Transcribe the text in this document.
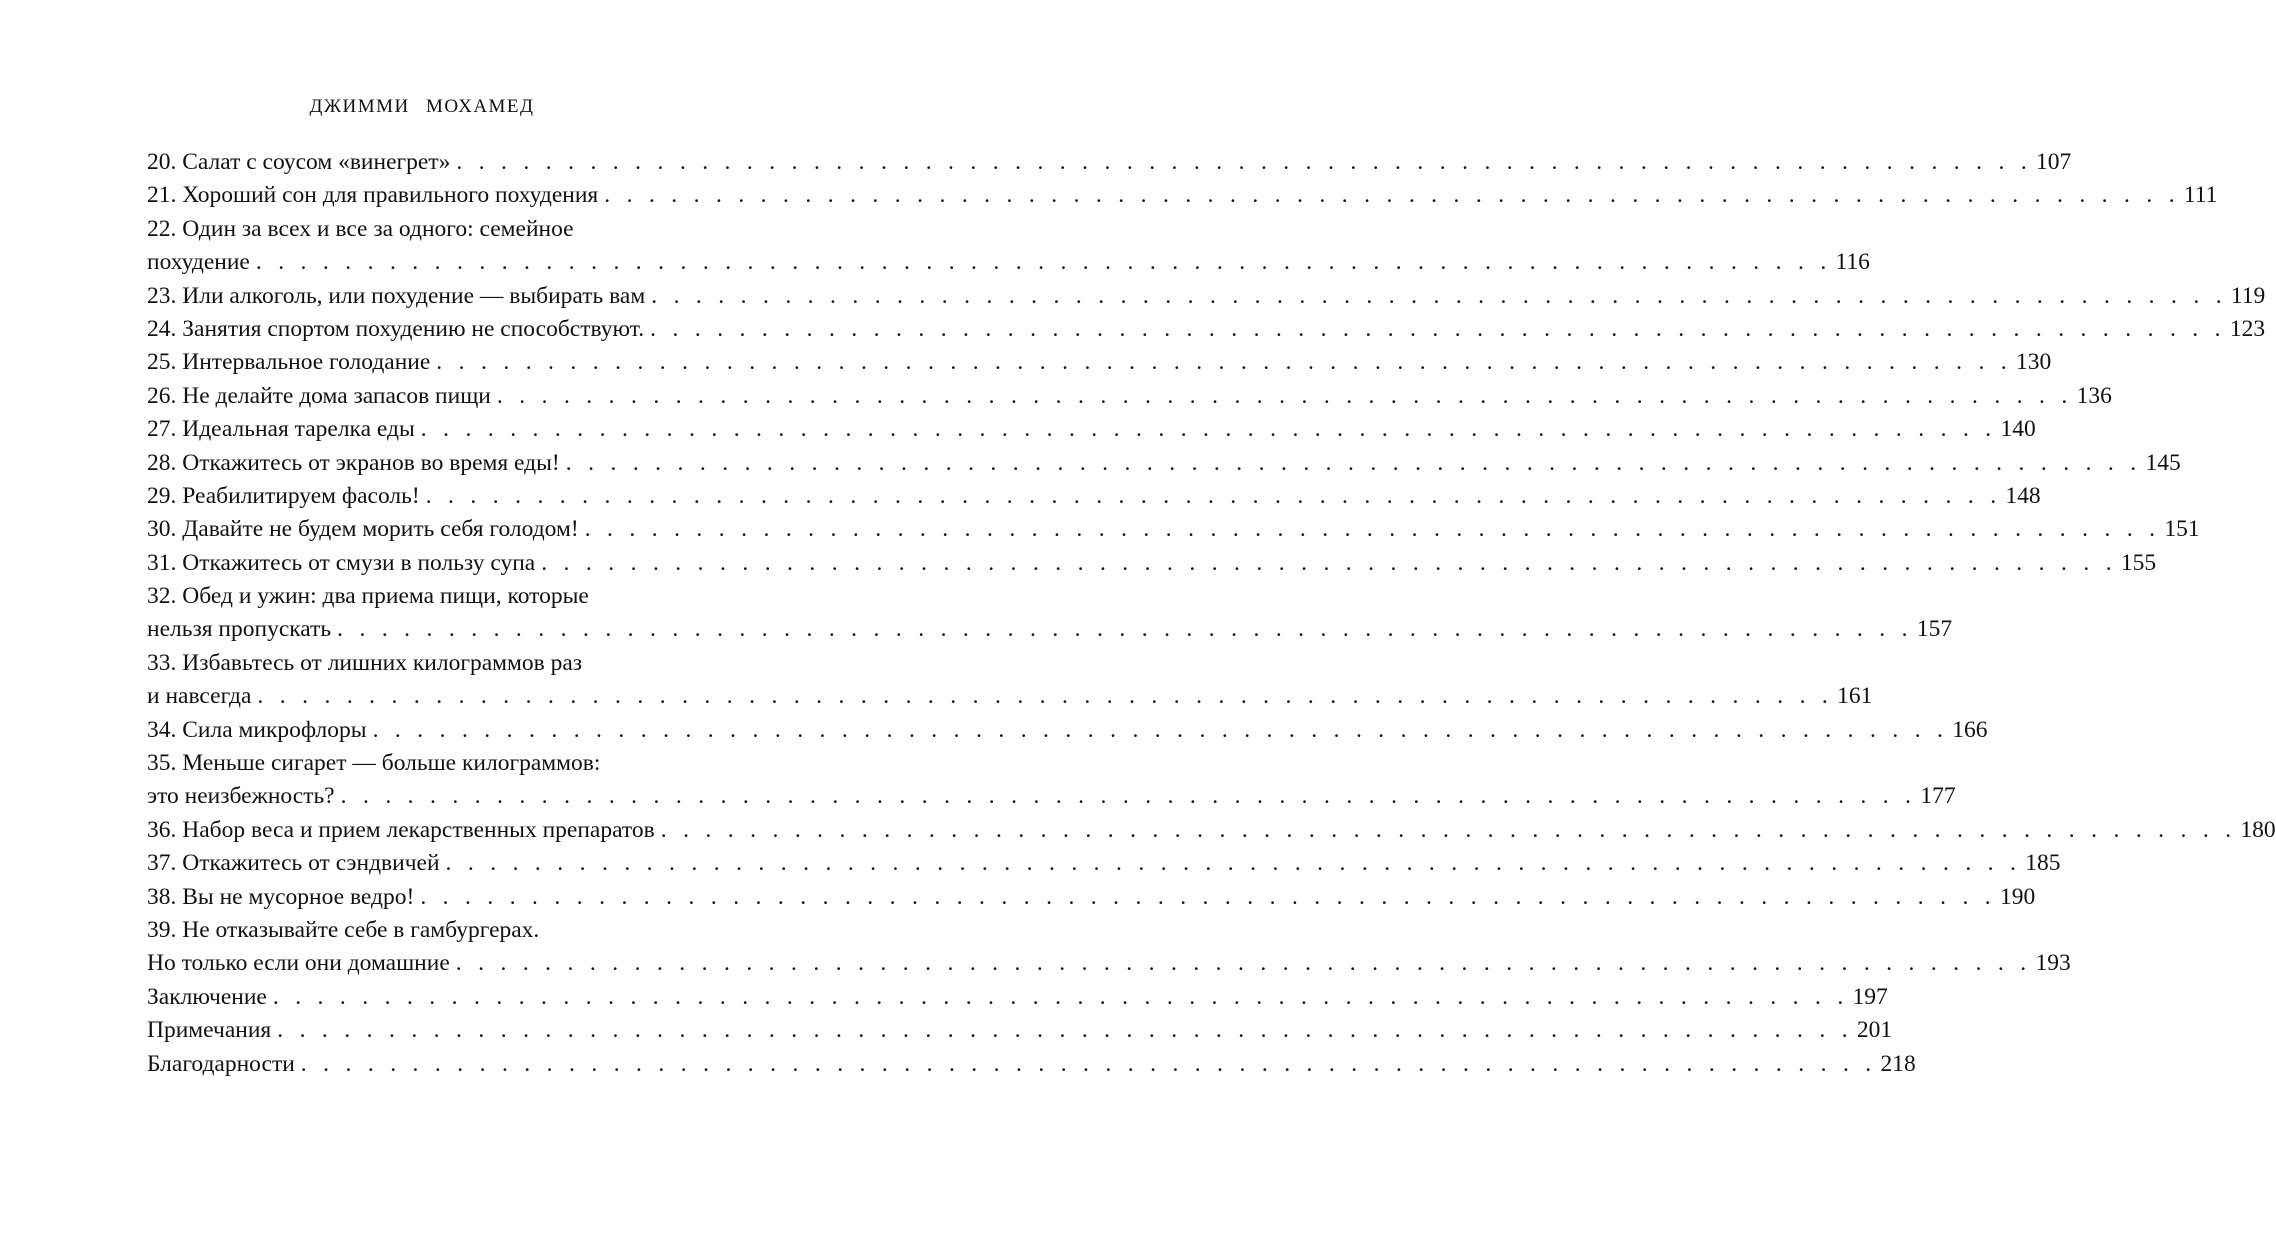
ДЖИММИ МОХАМЕД
20. Салат с соусом «винегрет» . . . . . . . . . . . . . . . . . . . . . . . . . . . . . . . . . . . . . . . . . . . . . . . . . . . . . . . . . . . . . . . . . . . . . . . 107
21. Хороший сон для правильного похудения . . . . . . . . . . . . . . . . . . . . . . . . . . . . . . . . . . . . . . . . . . . . . . . . . . . . . . . . . . . . . . . . . . . . . . . 111
22. Один за всех и все за одного: семейное
похудение . . . . . . . . . . . . . . . . . . . . . . . . . . . . . . . . . . . . . . . . . . . . . . . . . . . . . . . . . . . . . . . . . . . . . . . 116
23. Или алкоголь, или похудение — выбирать вам . . . . . . . . . . . . . . . . . . . . . . . . . . . . . . . . . . . . . . . . . . . . . . . . . . . . . . . . . . . . . . . . . . . . . . . 119
24. Занятия спортом похудению не способствуют. . . . . . . . . . . . . . . . . . . . . . . . . . . . . . . . . . . . . . . . . . . . . . . . . . . . . . . . . . . . . . . . . . . . . . . . 123
25. Интервальное голодание . . . . . . . . . . . . . . . . . . . . . . . . . . . . . . . . . . . . . . . . . . . . . . . . . . . . . . . . . . . . . . . . . . . . . . . 130
26. Не делайте дома запасов пищи . . . . . . . . . . . . . . . . . . . . . . . . . . . . . . . . . . . . . . . . . . . . . . . . . . . . . . . . . . . . . . . . . . . . . . . 136
27. Идеальная тарелка еды . . . . . . . . . . . . . . . . . . . . . . . . . . . . . . . . . . . . . . . . . . . . . . . . . . . . . . . . . . . . . . . . . . . . . . . 140
28. Откажитесь от экранов во время еды! . . . . . . . . . . . . . . . . . . . . . . . . . . . . . . . . . . . . . . . . . . . . . . . . . . . . . . . . . . . . . . . . . . . . . . . 145
29. Реабилитируем фасоль! . . . . . . . . . . . . . . . . . . . . . . . . . . . . . . . . . . . . . . . . . . . . . . . . . . . . . . . . . . . . . . . . . . . . . . . 148
30. Давайте не будем морить себя голодом! . . . . . . . . . . . . . . . . . . . . . . . . . . . . . . . . . . . . . . . . . . . . . . . . . . . . . . . . . . . . . . . . . . . . . . . 151
31. Откажитесь от смузи в пользу супа . . . . . . . . . . . . . . . . . . . . . . . . . . . . . . . . . . . . . . . . . . . . . . . . . . . . . . . . . . . . . . . . . . . . . . . 155
32. Обед и ужин: два приема пищи, которые
нельзя пропускать . . . . . . . . . . . . . . . . . . . . . . . . . . . . . . . . . . . . . . . . . . . . . . . . . . . . . . . . . . . . . . . . . . . . . . . 157
33. Избавьтесь от лишних килограммов раз
и навсегда . . . . . . . . . . . . . . . . . . . . . . . . . . . . . . . . . . . . . . . . . . . . . . . . . . . . . . . . . . . . . . . . . . . . . . . 161
34. Сила микрофлоры . . . . . . . . . . . . . . . . . . . . . . . . . . . . . . . . . . . . . . . . . . . . . . . . . . . . . . . . . . . . . . . . . . . . . . . 166
35. Меньше сигарет — больше килограммов:
это неизбежность? . . . . . . . . . . . . . . . . . . . . . . . . . . . . . . . . . . . . . . . . . . . . . . . . . . . . . . . . . . . . . . . . . . . . . . . 177
36. Набор веса и прием лекарственных препаратов . . . . . . . . . . . . . . . . . . . . . . . . . . . . . . . . . . . . . . . . . . . . . . . . . . . . . . . . . . . . . . . . . . . . . . . 180
37. Откажитесь от сэндвичей . . . . . . . . . . . . . . . . . . . . . . . . . . . . . . . . . . . . . . . . . . . . . . . . . . . . . . . . . . . . . . . . . . . . . . . 185
38. Вы не мусорное ведро! . . . . . . . . . . . . . . . . . . . . . . . . . . . . . . . . . . . . . . . . . . . . . . . . . . . . . . . . . . . . . . . . . . . . . . . 190
39. Не отказывайте себе в гамбургерах.
Но только если они домашние . . . . . . . . . . . . . . . . . . . . . . . . . . . . . . . . . . . . . . . . . . . . . . . . . . . . . . . . . . . . . . . . . . . . . . . 193
Заключение . . . . . . . . . . . . . . . . . . . . . . . . . . . . . . . . . . . . . . . . . . . . . . . . . . . . . . . . . . . . . . . . . . . . . . . 197
Примечания . . . . . . . . . . . . . . . . . . . . . . . . . . . . . . . . . . . . . . . . . . . . . . . . . . . . . . . . . . . . . . . . . . . . . . . 201
Благодарности . . . . . . . . . . . . . . . . . . . . . . . . . . . . . . . . . . . . . . . . . . . . . . . . . . . . . . . . . . . . . . . . . . . . . . . 218
